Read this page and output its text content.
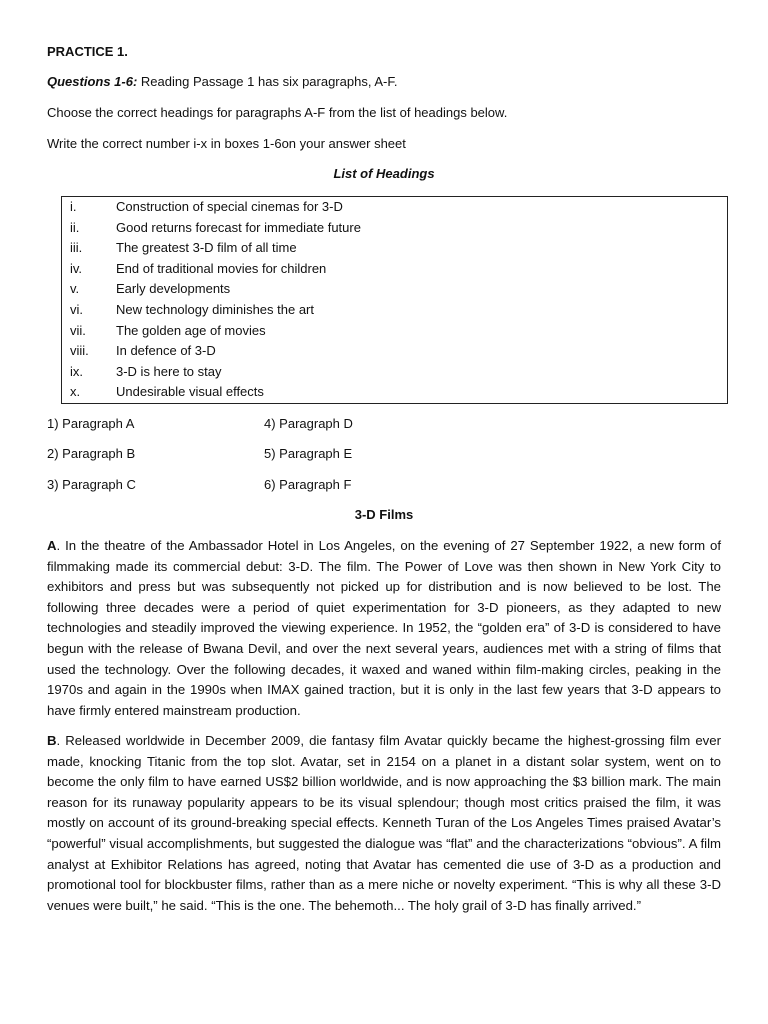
PRACTICE 1.
Questions 1-6: Reading Passage 1 has six paragraphs, A-F.
Choose the correct headings for paragraphs A-F from the list of headings below.
Write the correct number i-x in boxes 1-6on your answer sheet
List of Headings
i.	Construction of special cinemas for 3-D
ii.	Good returns forecast for immediate future
iii.	The greatest 3-D film of all time
iv.	End of traditional movies for children
v.	Early developments
vi.	New technology diminishes the art
vii.	The golden age of movies
viii.	In defence of 3-D
ix.	3-D is here to stay
x.	Undesirable visual effects
1) Paragraph A
2) Paragraph B
3) Paragraph C
4) Paragraph D
5) Paragraph E
6) Paragraph F
3-D Films
A. In the theatre of the Ambassador Hotel in Los Angeles, on the evening of 27 September 1922, a new form of filmmaking made its commercial debut: 3-D. The film. The Power of Love was then shown in New York City to exhibitors and press but was subsequently not picked up for distribution and is now believed to be lost. The following three decades were a period of quiet experimentation for 3-D pioneers, as they adapted to new technologies and steadily improved the viewing experience. In 1952, the “golden era” of 3-D is considered to have begun with the release of Bwana Devil, and over the next several years, audiences met with a string of films that used the technology. Over the following decades, it waxed and waned within film-making circles, peaking in the 1970s and again in the 1990s when IMAX gained traction, but it is only in the last few years that 3-D appears to have firmly entered mainstream production.
B. Released worldwide in December 2009, die fantasy film Avatar quickly became the highest-grossing film ever made, knocking Titanic from the top slot. Avatar, set in 2154 on a planet in a distant solar system, went on to become the only film to have earned US$2 billion worldwide, and is now approaching the $3 billion mark. The main reason for its runaway popularity appears to be its visual splendour; though most critics praised the film, it was mostly on account of its ground-breaking special effects. Kenneth Turan of the Los Angeles Times praised Avatar’s “powerful” visual accomplishments, but suggested the dialogue was “flat” and the characterizations “obvious”. A film analyst at Exhibitor Relations has agreed, noting that Avatar has cemented die use of 3-D as a production and promotional tool for blockbuster films, rather than as a mere niche or novelty experiment. “This is why all these 3-D venues were built,” he said. “This is the one. The behemoth... The holy grail of 3-D has finally arrived.”
